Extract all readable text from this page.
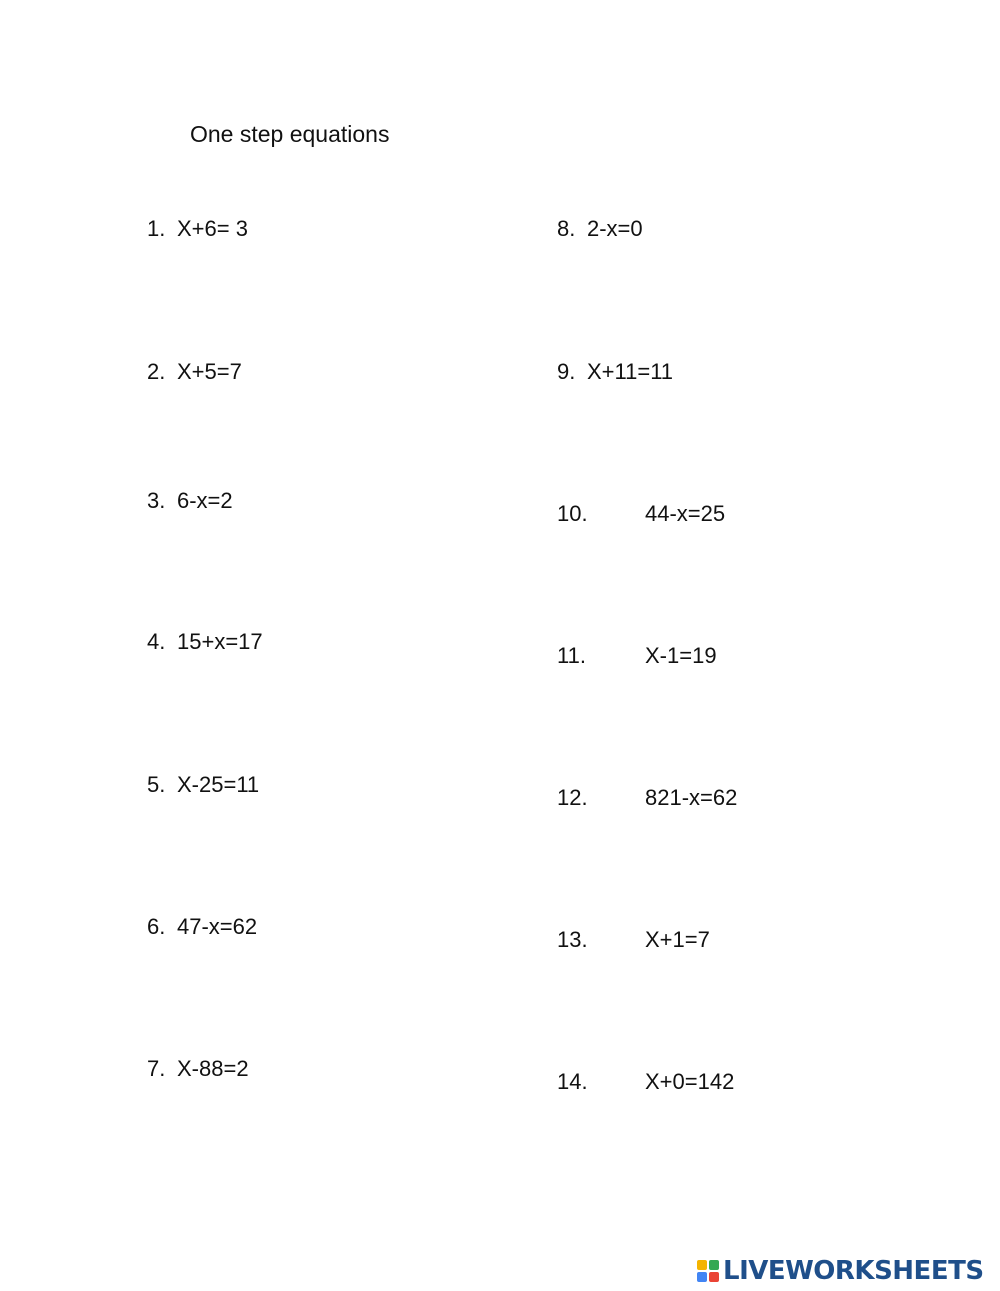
One step equations
1. X+6= 3
2. X+5=7
3. 6-x=2
4. 15+x=17
5. X-25=11
6. 47-x=62
7. X-88=2
8. 2-x=0
9. X+11=11
10.	44-x=25
11.	X-1=19
12.	821-x=62
13.	X+1=7
14.	X+0=142
LIVEWORKSHEETS
